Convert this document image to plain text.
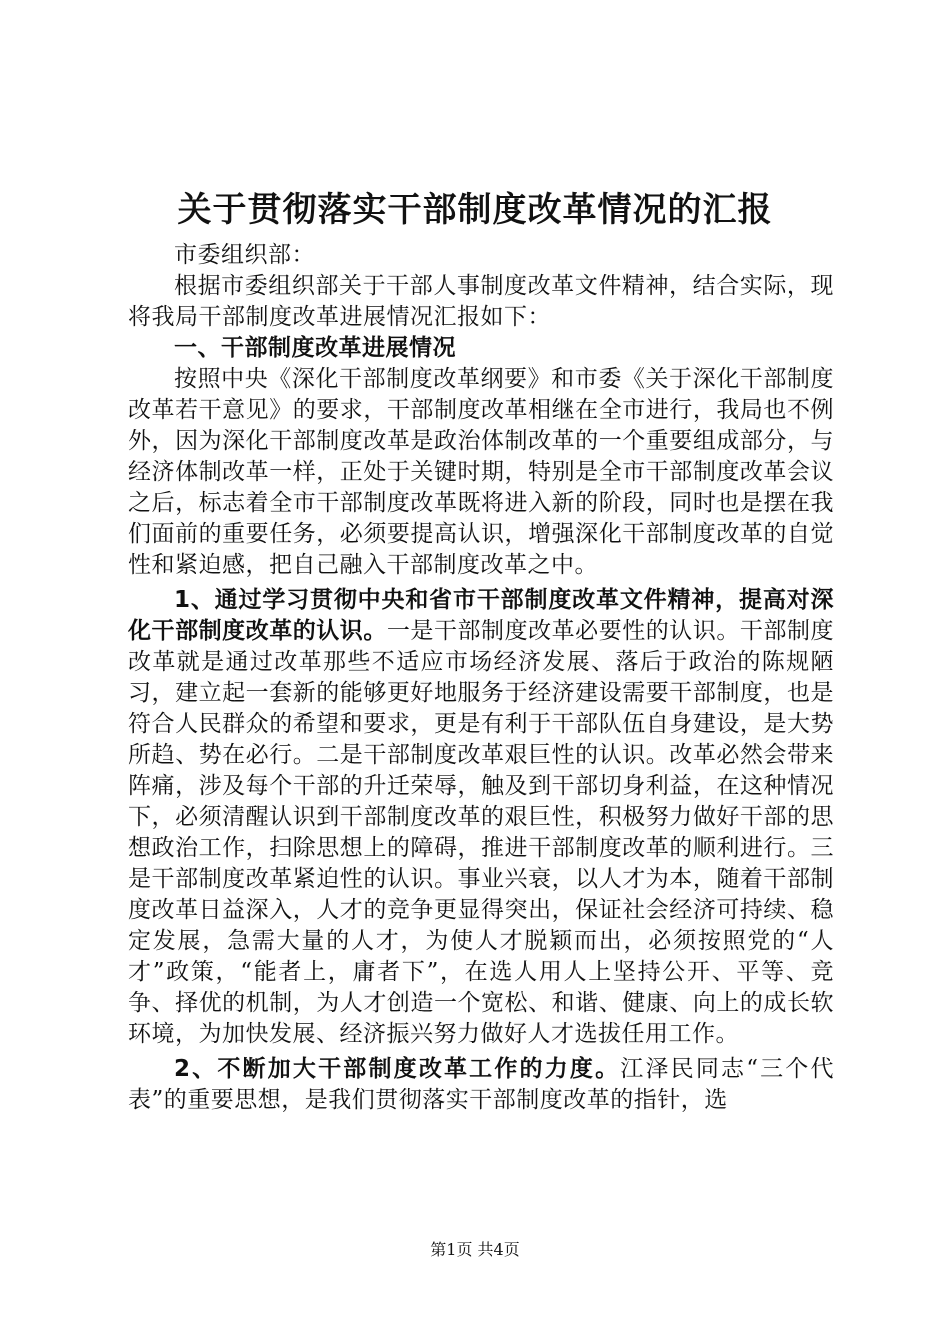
关于贯彻落实干部制度改革情况的汇报

市委组织部：

根据市委组织部关于干部人事制度改革文件精神，结合实际，现将我局干部制度改革进展情况汇报如下：

一、干部制度改革进展情况

按照中央《深化干部制度改革纲要》和市委《关于深化干部制度改革若干意见》的要求，干部制度改革相继在全市进行，我局也不例外，因为深化干部制度改革是政治体制改革的一个重要组成部分，与经济体制改革一样，正处于关键时期，特别是全市干部制度改革会议之后，标志着全市干部制度改革既将进入新的阶段，同时也是摆在我们面前的重要任务，必须要提高认识，增强深化干部制度改革的自觉性和紧迫感，把自己融入干部制度改革之中。

1、通过学习贯彻中央和省市干部制度改革文件精神，提高对深化干部制度改革的认识。一是干部制度改革必要性的认识。干部制度改革就是通过改革那些不适应市场经济发展、落后于政治的陈规陋习，建立起一套新的能够更好地服务于经济建设需要干部制度，也是符合人民群众的希望和要求，更是有利于干部队伍自身建设，是大势所趋、势在必行。二是干部制度改革艰巨性的认识。改革必然会带来阵痛，涉及每个干部的升迁荣辱，触及到干部切身利益，在这种情况下，必须清醒认识到干部制度改革的艰巨性，积极努力做好干部的思想政治工作，扫除思想上的障碍，推进干部制度改革的顺利进行。三是干部制度改革紧迫性的认识。事业兴衰，以人才为本，随着干部制度改革日益深入，人才的竞争更显得突出，保证社会经济可持续、稳定发展，急需大量的人才，为使人才脱颖而出，必须按照党的“人才”政策，“能者上，庸者下”，在选人用人上坚持公开、平等、竞争、择优的机制，为人才创造一个宽松、和谐、健康、向上的成长软环境，为加快发展、经济振兴努力做好人才选拔任用工作。

2、不断加大干部制度改革工作的力度。江泽民同志“三个代表”的重要思想，是我们贯彻落实干部制度改革的指针，选

第1页 共4页
